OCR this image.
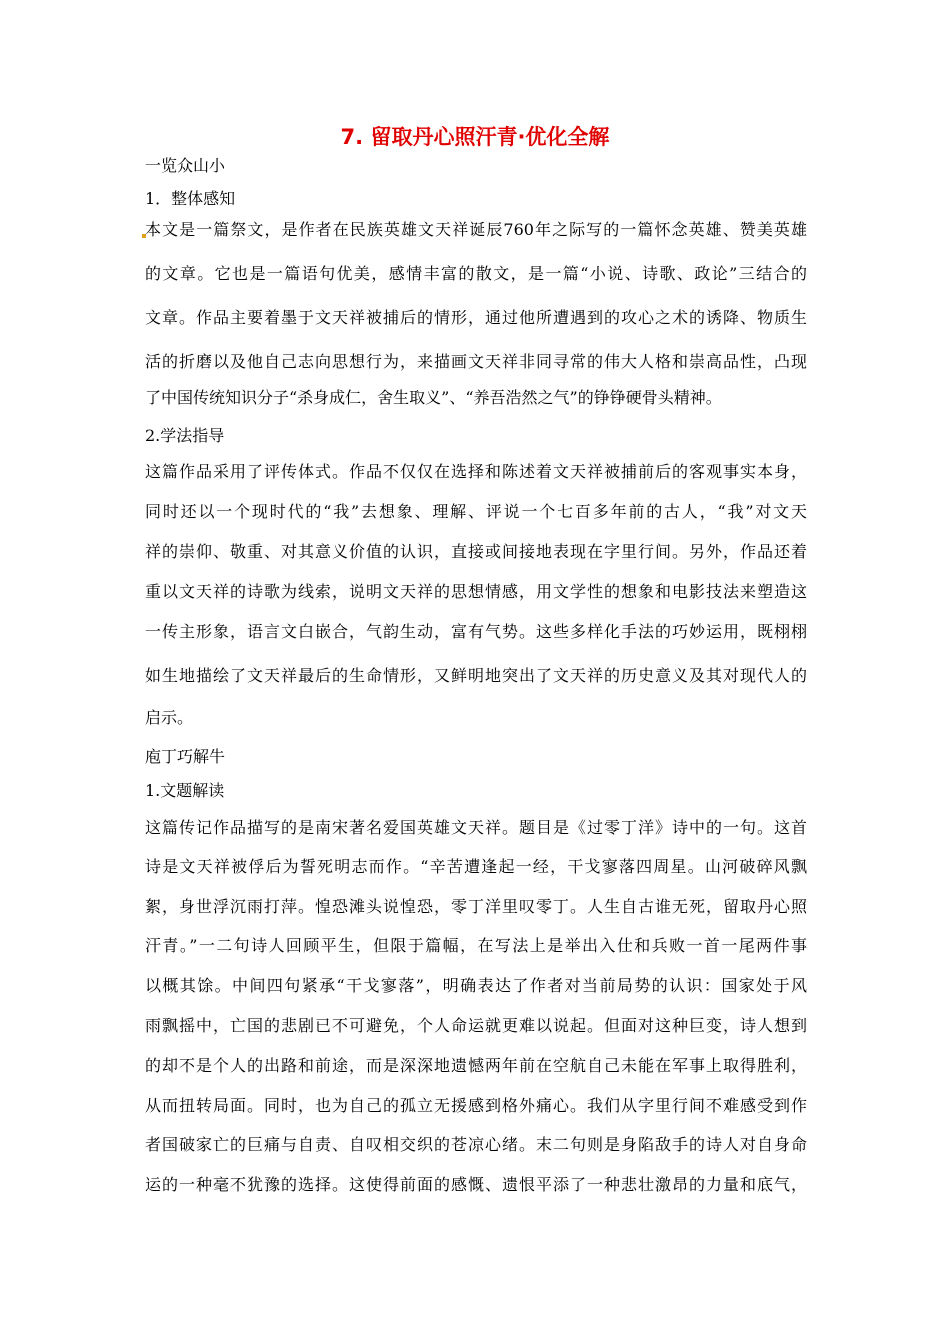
7. 留取丹心照汗青·优化全解
一览众山小
1．整体感知
本文是一篇祭文，是作者在民族英雄文天祥诞辰760年之际写的一篇怀念英雄、赞美英雄
的文章。它也是一篇语句优美，感情丰富的散文，是一篇“小说、诗歌、政论”三结合的
文章。作品主要着墨于文天祥被捕后的情形，通过他所遭遇到的攻心之术的诱降、物质生
活的折磨以及他自己志向思想行为，来描画文天祥非同寻常的伟大人格和崇高品性，凸现
了中国传统知识分子“杀身成仁，舍生取义”、“养吾浩然之气”的铮铮硬骨头精神。
2.学法指导
这篇作品采用了评传体式。作品不仅仅在选择和陈述着文天祥被捕前后的客观事实本身，
同时还以一个现时代的“我”去想象、理解、评说一个七百多年前的古人，“我”对文天
祥的崇仰、敬重、对其意义价值的认识，直接或间接地表现在字里行间。另外，作品还着
重以文天祥的诗歌为线索，说明文天祥的思想情感，用文学性的想象和电影技法来塑造这
一传主形象，语言文白嵌合，气韵生动，富有气势。这些多样化手法的巧妙运用，既栩栩
如生地描绘了文天祥最后的生命情形，又鲜明地突出了文天祥的历史意义及其对现代人的
启示。
庖丁巧解牛
1.文题解读
这篇传记作品描写的是南宋著名爱国英雄文天祥。题目是《过零丁洋》诗中的一句。这首
诗是文天祥被俘后为誓死明志而作。“辛苦遭逢起一经，干戈寥落四周星。山河破碎风飘
絮，身世浮沉雨打萍。惶恐滩头说惶恐，零丁洋里叹零丁。人生自古谁无死，留取丹心照
汗青。”一二句诗人回顾平生，但限于篇幅，在写法上是举出入仕和兵败一首一尾两件事
以概其馀。中间四句紧承“干戈寥落”，明确表达了作者对当前局势的认识：国家处于风
雨飘摇中，亡国的悲剧已不可避免，个人命运就更难以说起。但面对这种巨变，诗人想到
的却不是个人的出路和前途，而是深深地遗憾两年前在空航自己未能在军事上取得胜利，
从而扭转局面。同时，也为自己的孤立无援感到格外痛心。我们从字里行间不难感受到作
者国破家亡的巨痛与自责、自叹相交织的苍凉心绪。末二句则是身陷敌手的诗人对自身命
运的一种毫不犹豫的选择。这使得前面的感慨、遗恨平添了一种悲壮激昂的力量和底气，
